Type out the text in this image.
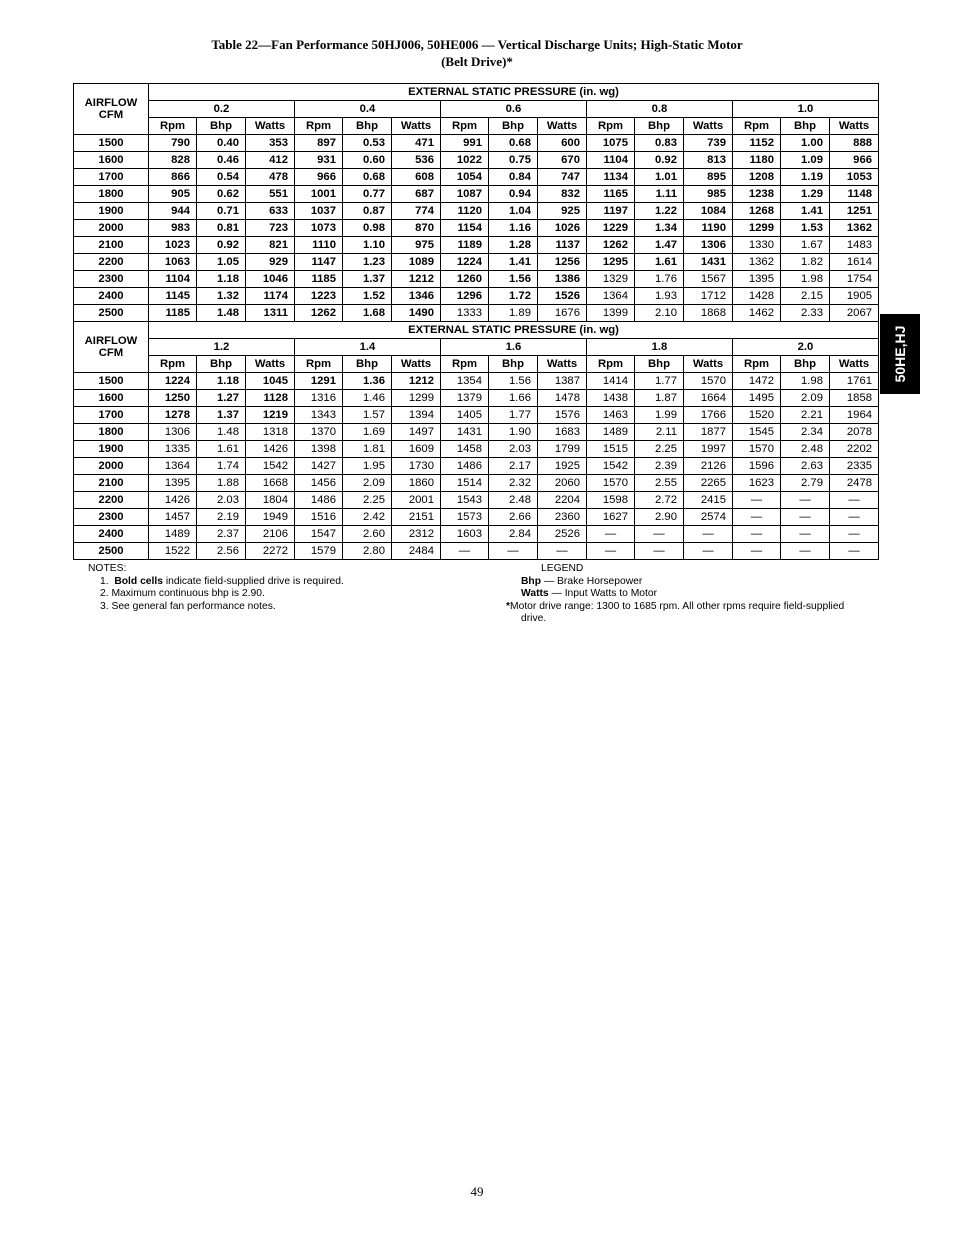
Table 22—Fan Performance 50HJ006, 50HE006 — Vertical Discharge Units; High-Static Motor
(Belt Drive)*
AIRFLOW
CFM	EXTERNAL STATIC PRESSURE (in. wg)														
	0.2			0.4			0.6			0.8			1.0		
	Rpm	Bhp	Watts	Rpm	Bhp	Watts	Rpm	Bhp	Watts	Rpm	Bhp	Watts	Rpm	Bhp	Watts
1500	790	0.40	353	897	0.53	471	991	0.68	600	1075	0.83	739	1152	1.00	888
1600	828	0.46	412	931	0.60	536	1022	0.75	670	1104	0.92	813	1180	1.09	966
1700	866	0.54	478	966	0.68	608	1054	0.84	747	1134	1.01	895	1208	1.19	1053
1800	905	0.62	551	1001	0.77	687	1087	0.94	832	1165	1.11	985	1238	1.29	1148
1900	944	0.71	633	1037	0.87	774	1120	1.04	925	1197	1.22	1084	1268	1.41	1251
2000	983	0.81	723	1073	0.98	870	1154	1.16	1026	1229	1.34	1190	1299	1.53	1362
2100	1023	0.92	821	1110	1.10	975	1189	1.28	1137	1262	1.47	1306	1330	1.67	1483
2200	1063	1.05	929	1147	1.23	1089	1224	1.41	1256	1295	1.61	1431	1362	1.82	1614
2300	1104	1.18	1046	1185	1.37	1212	1260	1.56	1386	1329	1.76	1567	1395	1.98	1754
2400	1145	1.32	1174	1223	1.52	1346	1296	1.72	1526	1364	1.93	1712	1428	2.15	1905
2500	1185	1.48	1311	1262	1.68	1490	1333	1.89	1676	1399	2.10	1868	1462	2.33	2067
AIRFLOW
CFM	EXTERNAL STATIC PRESSURE (in. wg)														
	1.2			1.4			1.6			1.8			2.0		
	Rpm	Bhp	Watts	Rpm	Bhp	Watts	Rpm	Bhp	Watts	Rpm	Bhp	Watts	Rpm	Bhp	Watts
1500	1224	1.18	1045	1291	1.36	1212	1354	1.56	1387	1414	1.77	1570	1472	1.98	1761
1600	1250	1.27	1128	1316	1.46	1299	1379	1.66	1478	1438	1.87	1664	1495	2.09	1858
1700	1278	1.37	1219	1343	1.57	1394	1405	1.77	1576	1463	1.99	1766	1520	2.21	1964
1800	1306	1.48	1318	1370	1.69	1497	1431	1.90	1683	1489	2.11	1877	1545	2.34	2078
1900	1335	1.61	1426	1398	1.81	1609	1458	2.03	1799	1515	2.25	1997	1570	2.48	2202
2000	1364	1.74	1542	1427	1.95	1730	1486	2.17	1925	1542	2.39	2126	1596	2.63	2335
2100	1395	1.88	1668	1456	2.09	1860	1514	2.32	2060	1570	2.55	2265	1623	2.79	2478
2200	1426	2.03	1804	1486	2.25	2001	1543	2.48	2204	1598	2.72	2415	—	—	—
2300	1457	2.19	1949	1516	2.42	2151	1573	2.66	2360	1627	2.90	2574	—	—	—
2400	1489	2.37	2106	1547	2.60	2312	1603	2.84	2526	—	—	—	—	—	—
2500	1522	2.56	2272	1579	2.80	2484	—	—	—	—	—	—	—	—	—
50HE,HJ
NOTES:
1. Bold cells indicate field-supplied drive is required.
2. Maximum continuous bhp is 2.90.
3. See general fan performance notes.
LEGEND
Bhp — Brake Horsepower
Watts — Input Watts to Motor
*Motor drive range: 1300 to 1685 rpm. All other rpms require field-supplied
drive.
49
